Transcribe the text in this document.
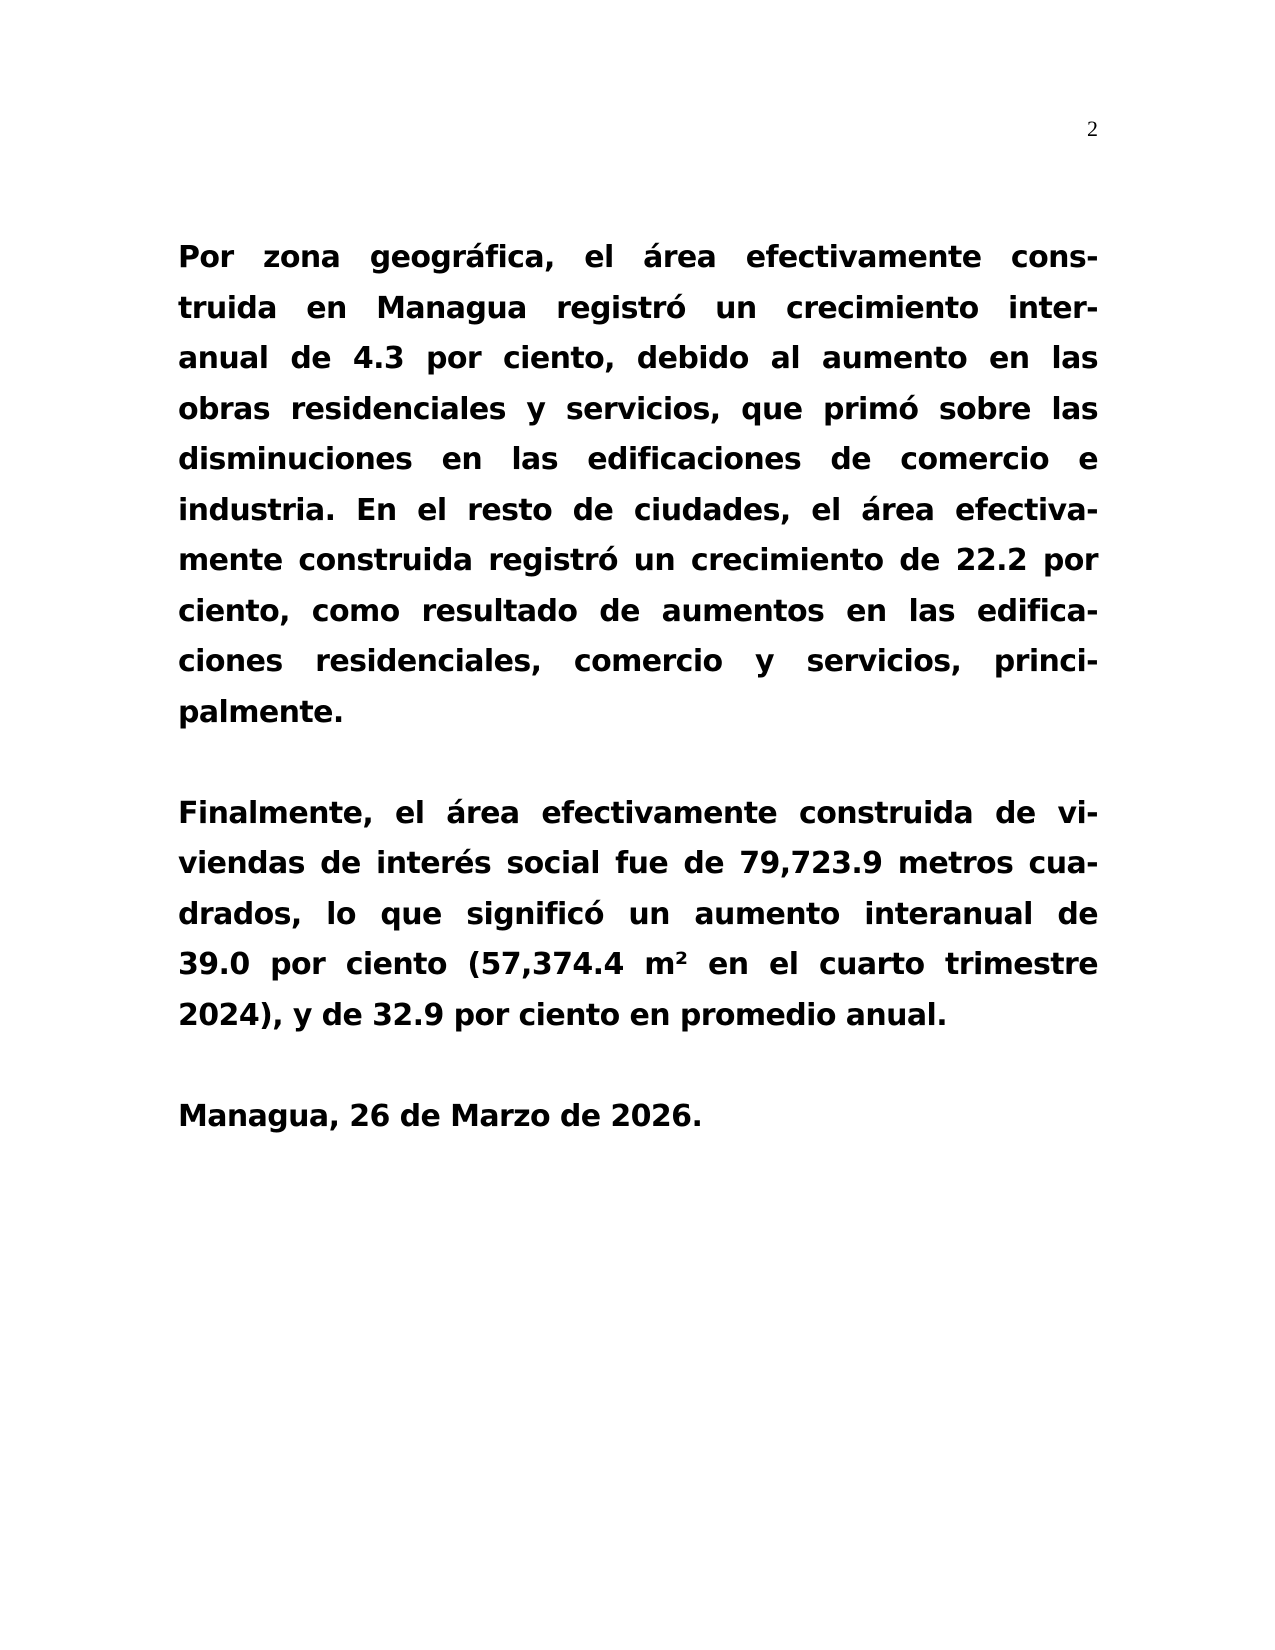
2
Por zona geográfica, el área efectivamente cons-
truida en Managua registró un crecimiento inter-
anual de 4.3 por ciento, debido al aumento en las
obras residenciales y servicios, que primó sobre las
disminuciones en las edificaciones de comercio e
industria. En el resto de ciudades, el área efectiva-
mente construida registró un crecimiento de 22.2 por
ciento, como resultado de aumentos en las edifica-
ciones residenciales, comercio y servicios, princi-
palmente.
Finalmente, el área efectivamente construida de vi-
viendas de interés social fue de 79,723.9 metros cua-
drados, lo que significó un aumento interanual de
39.0 por ciento (57,374.4 m² en el cuarto trimestre
2024), y de 32.9 por ciento en promedio anual.
Managua, 26 de Marzo de 2026.
